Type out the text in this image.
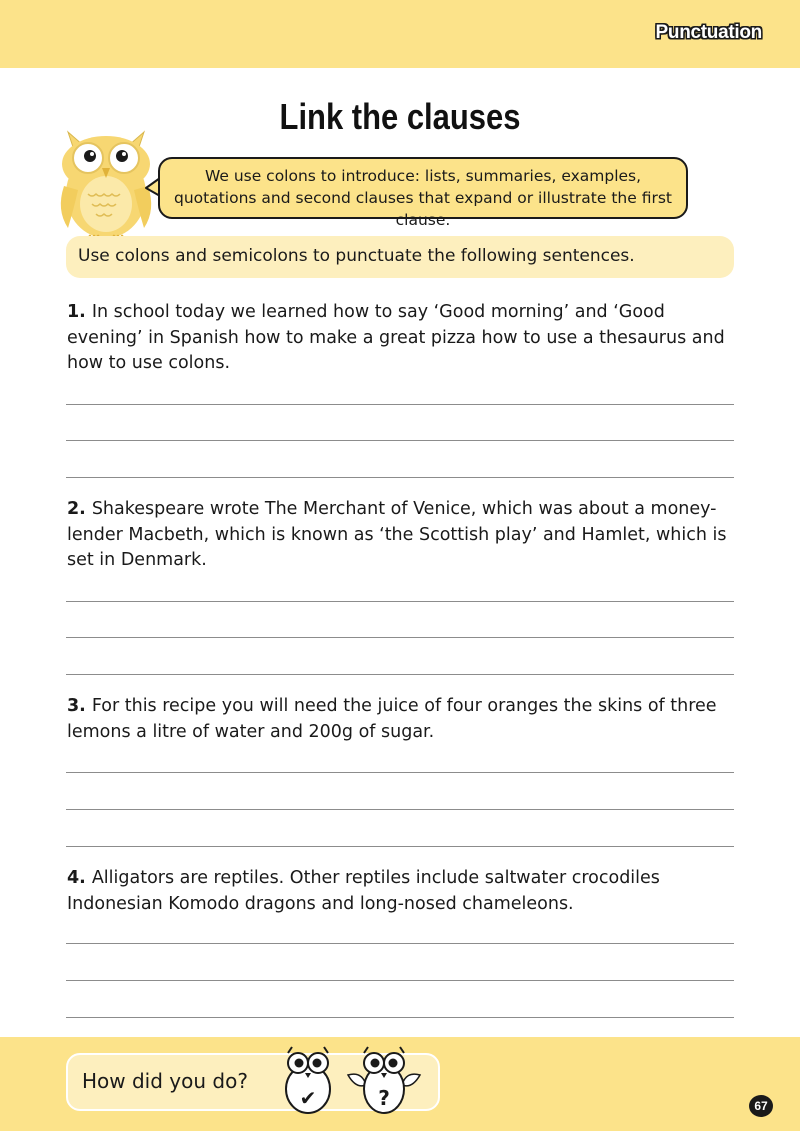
Punctuation
Link the clauses
We use colons to introduce: lists, summaries, examples, quotations and second clauses that expand or illustrate the first clause.
Use colons and semicolons to punctuate the following sentences.
1. In school today we learned how to say ‘Good morning’ and ‘Good evening’ in Spanish how to make a great pizza how to use a thesaurus and how to use colons.
2. Shakespeare wrote The Merchant of Venice, which was about a money-lender Macbeth, which is known as ‘the Scottish play’ and Hamlet, which is set in Denmark.
3. For this recipe you will need the juice of four oranges the skins of three lemons a litre of water and 200g of sugar.
4. Alligators are reptiles. Other reptiles include saltwater crocodiles Indonesian Komodo dragons and long-nosed chameleons.
How did you do?
✔	?	67
